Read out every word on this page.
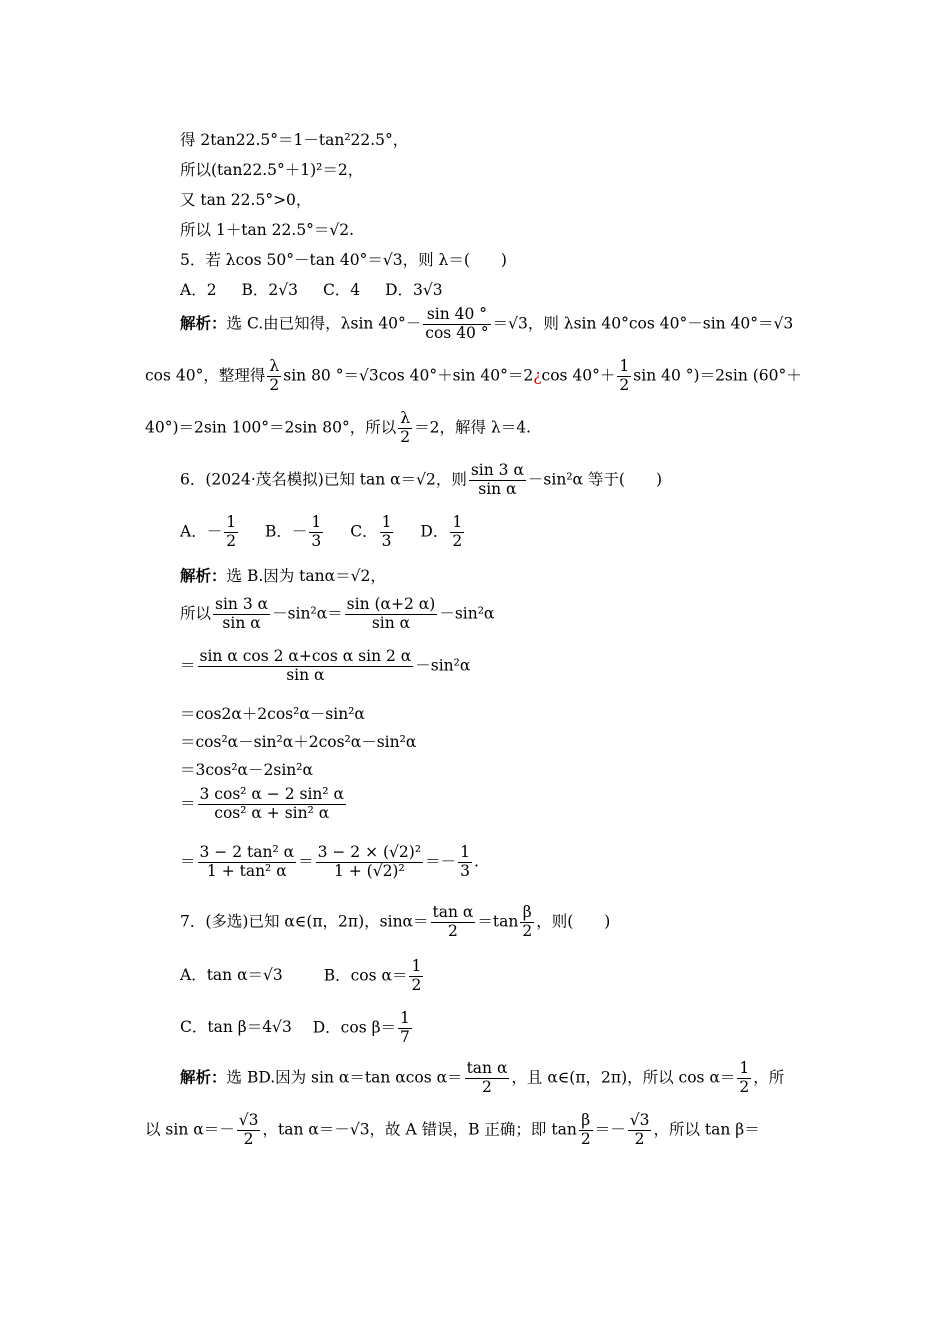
得 2tan22.5°＝1－tan²22.5°，
所以(tan22.5°＋1)²＝2，
又 tan 22.5°>0，
所以 1＋tan 22.5°＝√2.
5．若 λcos 50°－tan 40°＝√3，则 λ＝(　　)
A．2 B．2√3 C．4 D．3√3
解析：选 C.由已知得，λsin $40^\circ- \frac{\sin 40 ^\circ}{\cos 40 ^\circ} =√3$，则 λsin 40°cos 40°－sin 40°＝√3
cos 40°，整理得 $\frac{\lambda}{2}$ sin 80 °＝√3cos 40°＋sin 40°＝2¿cos $40^\circ+ \frac{1}{2}$ sin 40 °)＝2sin (60°＋
40°)＝2sin 100°＝2sin 80°，所以 $\frac{\lambda}{2} =2$，解得 λ＝4.
6．(2024·茂名模拟)已知 tan α＝√2，则 $\frac{\sin 3 \alpha}{\text{sin α}} -\sin^2\alpha$ 等于(　　)
A．－ $\frac{1}{2}$ B．－ $\frac{1}{3}$ C． $\frac{1}{3}$ D． $\frac{1}{2}$
解析：选 B.因为 tanα＝√2，
所以 $\frac{\sin 3 \alpha}{\text{sin α}} -\sin^2\alpha= \frac{\sin (\alpha+2 \alpha)}{\text{sin α}} -\sin^2\alpha$
＝ $\frac{\text{sin α cos 2 α+cos α sin 2 α}}{\text{sin α}} -\sin^2\alpha$
＝cos2α＋2cos²α－sin²α
＝cos²α－sin²α＋2cos²α－sin²α
＝3cos²α－2sin²α
＝ $\frac{\text{3 cos² α − 2 sin² α}}{\text{cos² α + sin² α}}$
＝ $\frac{\text{3 − 2 tan² α}}{\text{1 + tan² α}} = \frac{\text{3 − 2 × (√2)²}}{\text{1 + (√2)²}} =- \frac{1}{3}$ .
7．(多选)已知 α∈(π，2π)，$\sin\alpha= \frac{\text{tan α}}{2} =\tan \frac{\beta}{2}$ ，则(　　)
A．tan α＝√3	B．$\cos \alpha= \frac{1}{2}$
C．tan β＝4√3 D．$\cos \beta= \frac{1}{7}$
解析：选 BD.因为 sin α＝tan αcos $\alpha= \frac{\text{tan α}}{2}$ ，且 α∈(π，2π)，所以 $\cos \alpha= \frac{1}{2}$ ，所
以 $\sin \alpha=- \frac{√3}{2}$ ，tan α＝－√3，故 A 错误，B 正确；即 $\tan \frac{\beta}{2} =- \frac{√3}{2}$ ，所以 tan β＝
